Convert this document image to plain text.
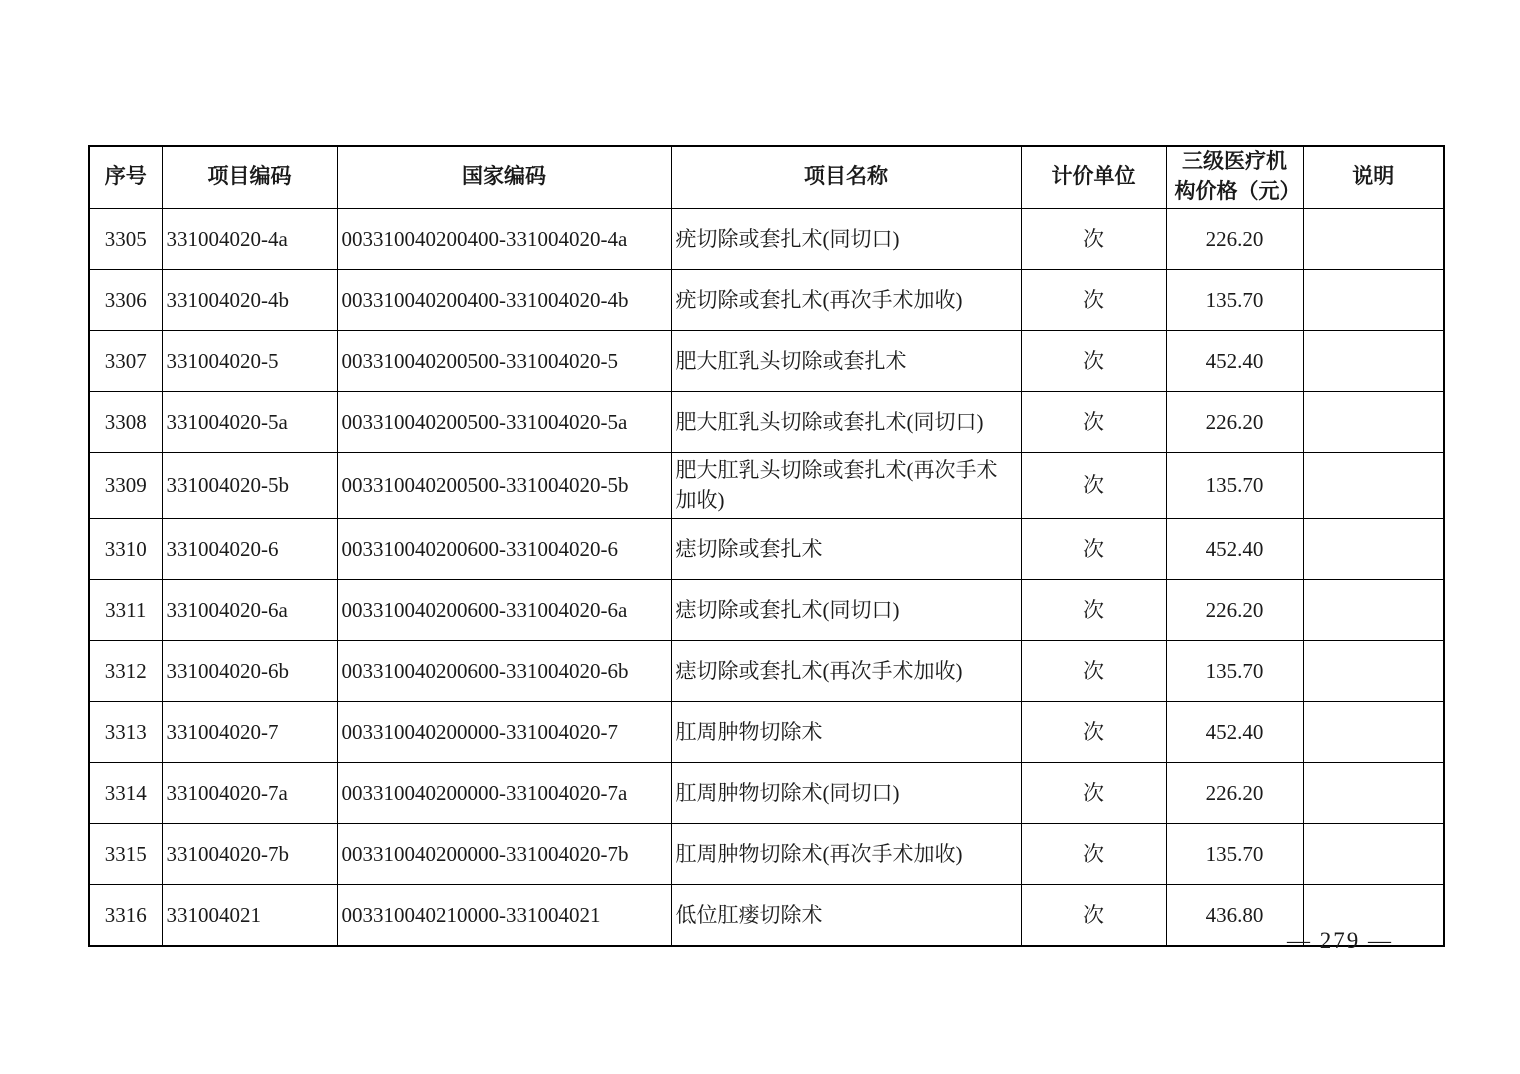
序号	项目编码	国家编码	项目名称	计价单位	三级医疗机构价格（元）	说明
3305	331004020-4a	003310040200400-331004020-4a	疣切除或套扎术(同切口)	次	226.20	
3306	331004020-4b	003310040200400-331004020-4b	疣切除或套扎术(再次手术加收)	次	135.70	
3307	331004020-5	003310040200500-331004020-5	肥大肛乳头切除或套扎术	次	452.40	
3308	331004020-5a	003310040200500-331004020-5a	肥大肛乳头切除或套扎术(同切口)	次	226.20	
3309	331004020-5b	003310040200500-331004020-5b	肥大肛乳头切除或套扎术(再次手术加收)	次	135.70	
3310	331004020-6	003310040200600-331004020-6	痣切除或套扎术	次	452.40	
3311	331004020-6a	003310040200600-331004020-6a	痣切除或套扎术(同切口)	次	226.20	
3312	331004020-6b	003310040200600-331004020-6b	痣切除或套扎术(再次手术加收)	次	135.70	
3313	331004020-7	003310040200000-331004020-7	肛周肿物切除术	次	452.40	
3314	331004020-7a	003310040200000-331004020-7a	肛周肿物切除术(同切口)	次	226.20	
3315	331004020-7b	003310040200000-331004020-7b	肛周肿物切除术(再次手术加收)	次	135.70	
3316	331004021	003310040210000-331004021	低位肛瘘切除术	次	436.80	
— 279 —
